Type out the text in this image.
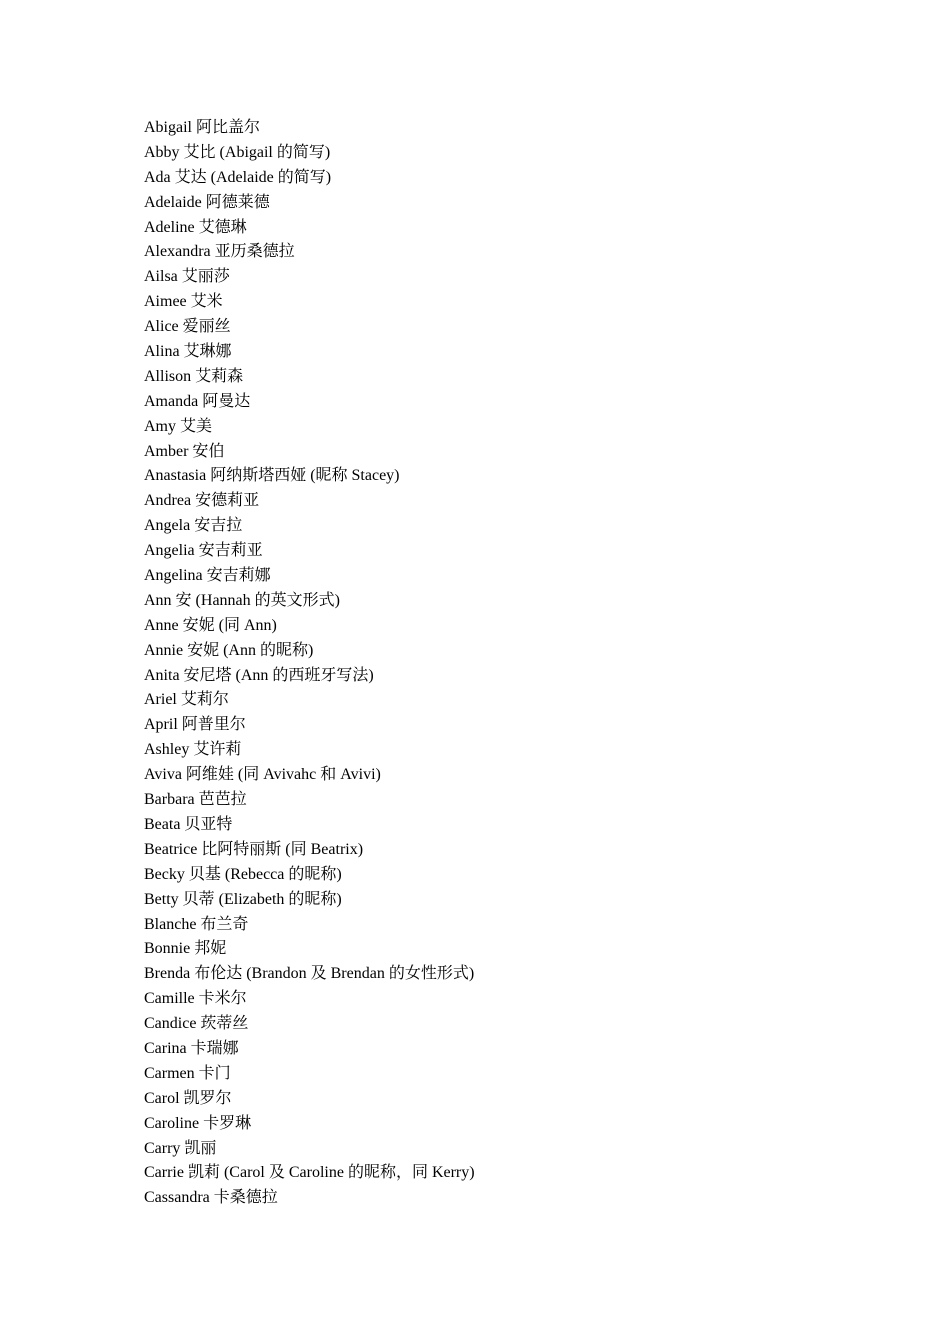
Abigail 阿比盖尔
Abby 艾比 (Abigail 的简写)
Ada 艾达 (Adelaide 的简写)
Adelaide 阿德莱德
Adeline 艾德琳
Alexandra 亚历桑德拉
Ailsa 艾丽莎
Aimee 艾米
Alice 爱丽丝
Alina 艾琳娜
Allison 艾莉森
Amanda 阿曼达
Amy 艾美
Amber 安伯
Anastasia 阿纳斯塔西娅 (昵称 Stacey)
Andrea 安德莉亚
Angela 安吉拉
Angelia 安吉莉亚
Angelina 安吉莉娜
Ann 安 (Hannah 的英文形式)
Anne 安妮 (同 Ann)
Annie 安妮 (Ann 的昵称)
Anita 安尼塔 (Ann 的西班牙写法)
Ariel 艾莉尔
April 阿普里尔
Ashley 艾许莉
Aviva 阿维娃 (同 Avivahc 和 Avivi)
Barbara 芭芭拉
Beata 贝亚特
Beatrice 比阿特丽斯 (同 Beatrix)
Becky 贝基 (Rebecca 的昵称)
Betty 贝蒂 (Elizabeth 的昵称)
Blanche 布兰奇
Bonnie 邦妮
Brenda 布伦达 (Brandon 及 Brendan 的女性形式)
Camille 卡米尔
Candice 莰蒂丝
Carina 卡瑞娜
Carmen 卡门
Carol 凯罗尔
Caroline 卡罗琳
Carry 凯丽
Carrie 凯莉 (Carol 及 Caroline 的昵称，同 Kerry)
Cassandra 卡桑德拉
